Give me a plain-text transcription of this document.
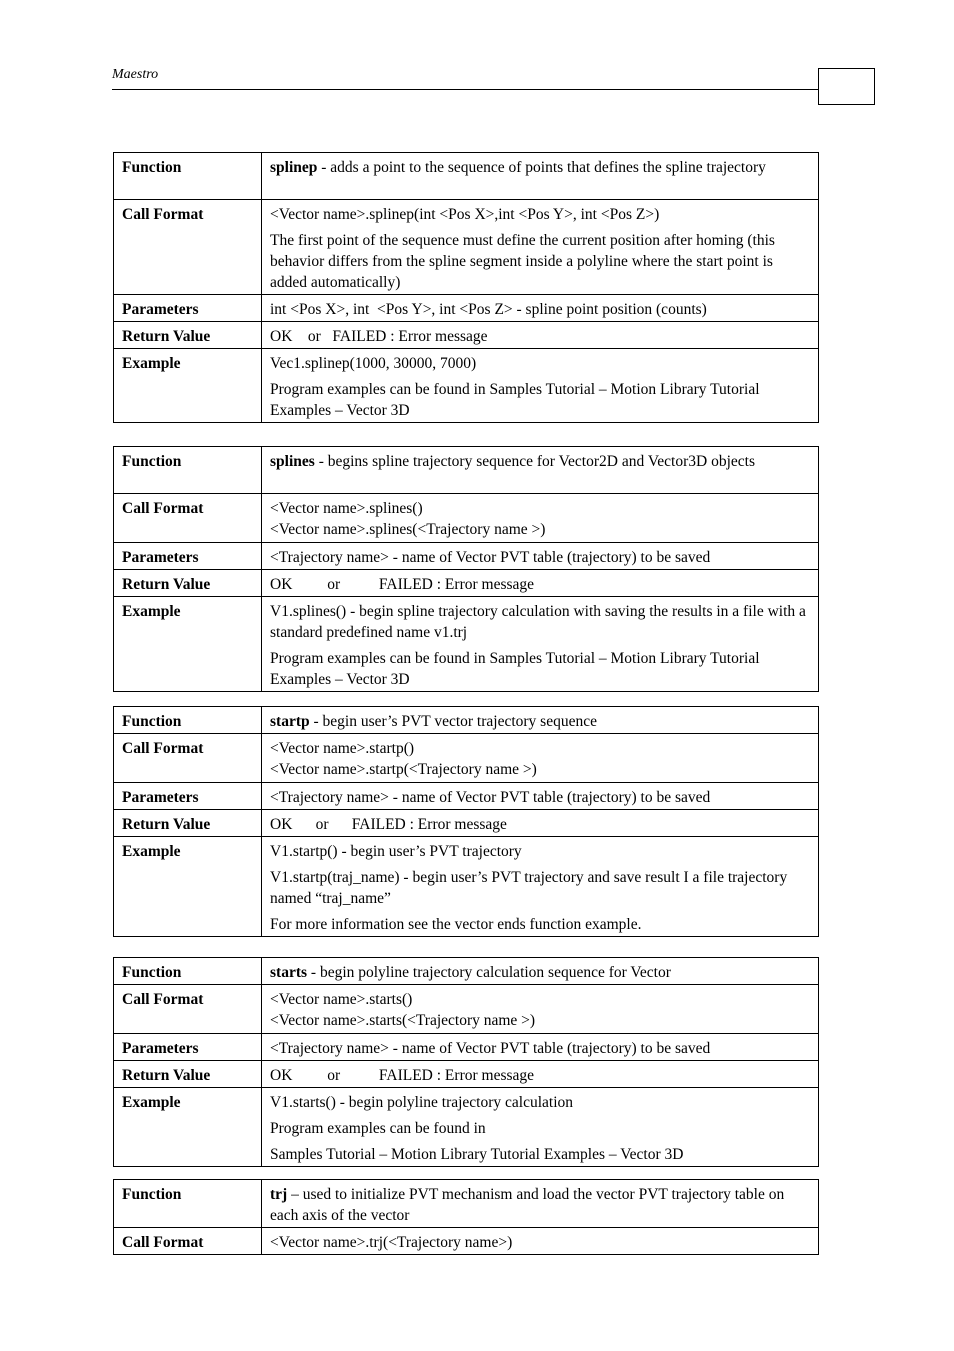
Maestro
Function	splinep - adds a point to the sequence of points that defines the spline trajectory

Call Format	<Vector name>.splinep(int <Pos X>,int <Pos Y>, int <Pos Z>)

The first point of the sequence must define the current position after homing (this behavior differs from the spline segment inside a polyline where the start point is added automatically)

Parameters	int <Pos X>, int  <Pos Y>, int <Pos Z> - spline point position (counts)
Return Value	OK    or   FAILED : Error message
Example	Vec1.splinep(1000, 30000, 7000)

Program examples can be found in Samples Tutorial – Motion Library Tutorial Examples – Vector 3D

Function	splines - begins spline trajectory sequence for Vector2D and Vector3D objects

Call Format	<Vector name>.splines()
<Vector name>.splines(<Trajectory name >)

Parameters	<Trajectory name> - name of Vector PVT table (trajectory) to be saved
Return Value	OK         or          FAILED : Error message
Example	V1.splines() - begin spline trajectory calculation with saving the results in a file with a standard predefined name v1.trj

Program examples can be found in Samples Tutorial – Motion Library Tutorial Examples – Vector 3D

Function	startp - begin user’s PVT vector trajectory sequence

Call Format	<Vector name>.startp()
<Vector name>.startp(<Trajectory name >)

Parameters	<Trajectory name> - name of Vector PVT table (trajectory) to be saved
Return Value	OK      or      FAILED : Error message
Example	V1.startp() - begin user’s PVT trajectory

V1.startp(traj_name) - begin user’s PVT trajectory and save result I a file trajectory named “traj_name”

For more information see the vector ends function example.

Function	starts - begin polyline trajectory calculation sequence for Vector

Call Format	<Vector name>.starts()
<Vector name>.starts(<Trajectory name >)

Parameters	<Trajectory name> - name of Vector PVT table (trajectory) to be saved
Return Value	OK         or          FAILED : Error message
Example	V1.starts() - begin polyline trajectory calculation

Program examples can be found in

Samples Tutorial – Motion Library Tutorial Examples – Vector 3D

Function	trj – used to initialize PVT mechanism and load the vector PVT trajectory table on each axis of the vector

Call Format	<Vector name>.trj(<Trajectory name>)
